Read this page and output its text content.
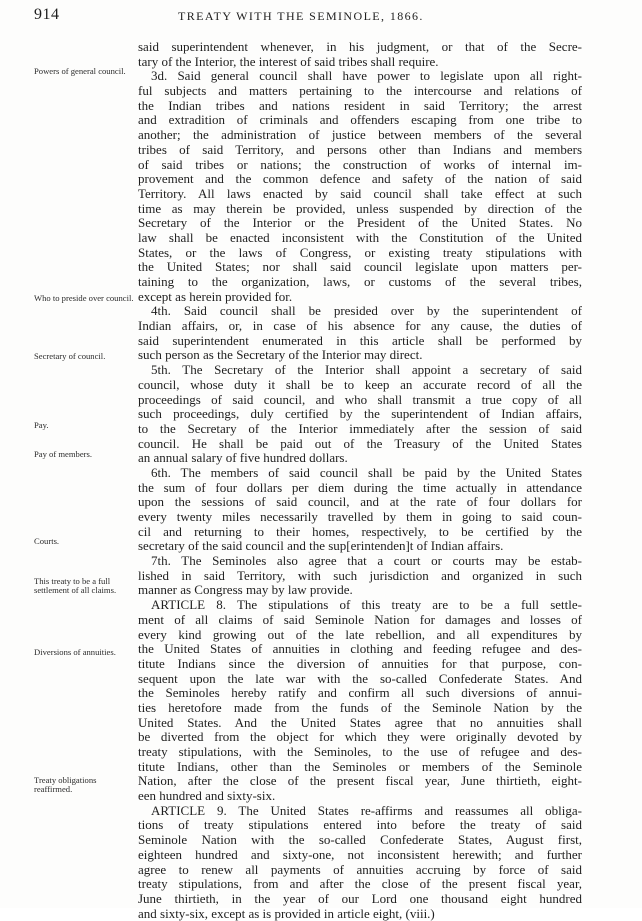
914	TREATY WITH THE SEMINOLE, 1866.
Powers of general council.
Who to preside over council.
Secretary of council.
Pay.
Pay of members.
Courts.
This treaty to be a full settlement of all claims.
Diversions of annuities.
Treaty obligations reaffirmed.
said superintendent whenever, in his judgment, or that of the Secre-
tary of the Interior, the interest of said tribes shall require.
3d. Said general council shall have power to legislate upon all right-
ful subjects and matters pertaining to the intercourse and relations of
the Indian tribes and nations resident in said Territory; the arrest
and extradition of criminals and offenders escaping from one tribe to
another; the administration of justice between members of the several
tribes of said Territory, and persons other than Indians and members
of said tribes or nations; the construction of works of internal im-
provement and the common defence and safety of the nation of said
Territory. All laws enacted by said council shall take effect at such
time as may therein be provided, unless suspended by direction of the
Secretary of the Interior or the President of the United States. No
law shall be enacted inconsistent with the Constitution of the United
States, or the laws of Congress, or existing treaty stipulations with
the United States; nor shall said council legislate upon matters per-
taining to the organization, laws, or customs of the several tribes,
except as herein provided for.
4th. Said council shall be presided over by the superintendent of
Indian affairs, or, in case of his absence for any cause, the duties of
said superintendent enumerated in this article shall be performed by
such person as the Secretary of the Interior may direct.
5th. The Secretary of the Interior shall appoint a secretary of said
council, whose duty it shall be to keep an accurate record of all the
proceedings of said council, and who shall transmit a true copy of all
such proceedings, duly certified by the superintendent of Indian affairs,
to the Secretary of the Interior immediately after the session of said
council. He shall be paid out of the Treasury of the United States
an annual salary of five hundred dollars.
6th. The members of said council shall be paid by the United States
the sum of four dollars per diem during the time actually in attendance
upon the sessions of said council, and at the rate of four dollars for
every twenty miles necessarily travelled by them in going to said coun-
cil and returning to their homes, respectively, to be certified by the
secretary of the said council and the sup[erintenden]t of Indian affairs.
7th. The Seminoles also agree that a court or courts may be estab-
lished in said Territory, with such jurisdiction and organized in such
manner as Congress may by law provide.
ARTICLE 8. The stipulations of this treaty are to be a full settle-
ment of all claims of said Seminole Nation for damages and losses of
every kind growing out of the late rebellion, and all expenditures by
the United States of annuities in clothing and feeding refugee and des-
titute Indians since the diversion of annuities for that purpose, con-
sequent upon the late war with the so-called Confederate States. And
the Seminoles hereby ratify and confirm all such diversions of annui-
ties heretofore made from the funds of the Seminole Nation by the
United States. And the United States agree that no annuities shall
be diverted from the object for which they were originally devoted by
treaty stipulations, with the Seminoles, to the use of refugee and des-
titute Indians, other than the Seminoles or members of the Seminole
Nation, after the close of the present fiscal year, June thirtieth, eight-
een hundred and sixty-six.
ARTICLE 9. The United States re-affirms and reassumes all obliga-
tions of treaty stipulations entered into before the treaty of said
Seminole Nation with the so-called Confederate States, August first,
eighteen hundred and sixty-one, not inconsistent herewith; and further
agree to renew all payments of annuities accruing by force of said
treaty stipulations, from and after the close of the present fiscal year,
June thirtieth, in the year of our Lord one thousand eight hundred
and sixty-six, except as is provided in article eight, (viii.)
